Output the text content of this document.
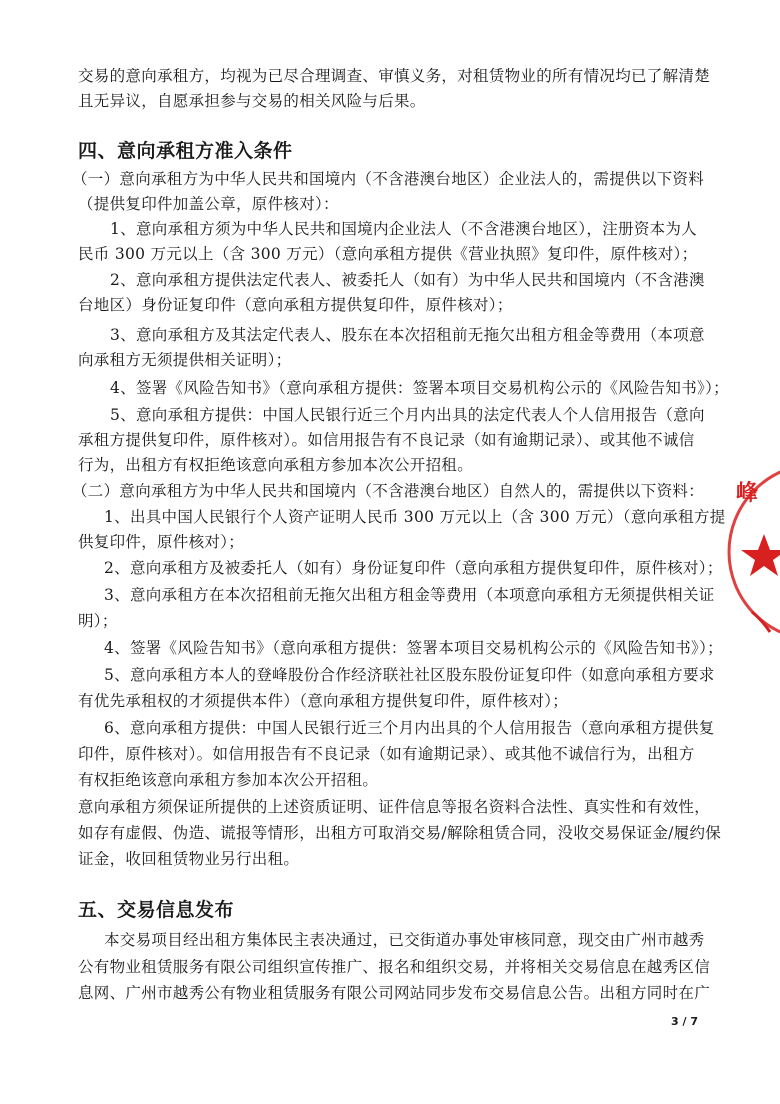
交易的意向承租方，均视为已尽合理调查、审慎义务，对租赁物业的所有情况均已了解清楚
且无异议，自愿承担参与交易的相关风险与后果。
四、意向承租方准入条件
（一）意向承租方为中华人民共和国境内（不含港澳台地区）企业法人的，需提供以下资料
（提供复印件加盖公章，原件核对）：
1、意向承租方须为中华人民共和国境内企业法人（不含港澳台地区），注册资本为人
民币 300 万元以上（含 300 万元）（意向承租方提供《营业执照》复印件，原件核对）；
2、意向承租方提供法定代表人、被委托人（如有）为中华人民共和国境内（不含港澳
台地区）身份证复印件（意向承租方提供复印件，原件核对）；
3、意向承租方及其法定代表人、股东在本次招租前无拖欠出租方租金等费用（本项意
向承租方无须提供相关证明）；
4、签署《风险告知书》（意向承租方提供：签署本项目交易机构公示的《风险告知书》）；
5、意向承租方提供：中国人民银行近三个月内出具的法定代表人个人信用报告（意向
承租方提供复印件，原件核对）。如信用报告有不良记录（如有逾期记录）、或其他不诚信
行为，出租方有权拒绝该意向承租方参加本次公开招租。
（二）意向承租方为中华人民共和国境内（不含港澳台地区）自然人的，需提供以下资料：
1、出具中国人民银行个人资产证明人民币 300 万元以上（含 300 万元）（意向承租方提
供复印件，原件核对）；
2、意向承租方及被委托人（如有）身份证复印件（意向承租方提供复印件，原件核对）；
3、意向承租方在本次招租前无拖欠出租方租金等费用（本项意向承租方无须提供相关证
明）；
4、签署《风险告知书》（意向承租方提供：签署本项目交易机构公示的《风险告知书》）；
5、意向承租方本人的登峰股份合作经济联社社区股东股份证复印件（如意向承租方要求
有优先承租权的才须提供本件）（意向承租方提供复印件，原件核对）；
6、意向承租方提供：中国人民银行近三个月内出具的个人信用报告（意向承租方提供复
印件，原件核对）。如信用报告有不良记录（如有逾期记录）、或其他不诚信行为，出租方
有权拒绝该意向承租方参加本次公开招租。
意向承租方须保证所提供的上述资质证明、证件信息等报名资料合法性、真实性和有效性，
如存有虚假、伪造、谎报等情形，出租方可取消交易/解除租赁合同，没收交易保证金/履约保
证金，收回租赁物业另行出租。
五、交易信息发布
本交易项目经出租方集体民主表决通过，已交街道办事处审核同意，现交由广州市越秀
公有物业租赁服务有限公司组织宣传推广、报名和组织交易，并将相关交易信息在越秀区信
息网、广州市越秀公有物业租赁服务有限公司网站同步发布交易信息公告。出租方同时在广
3 / 7
峰
